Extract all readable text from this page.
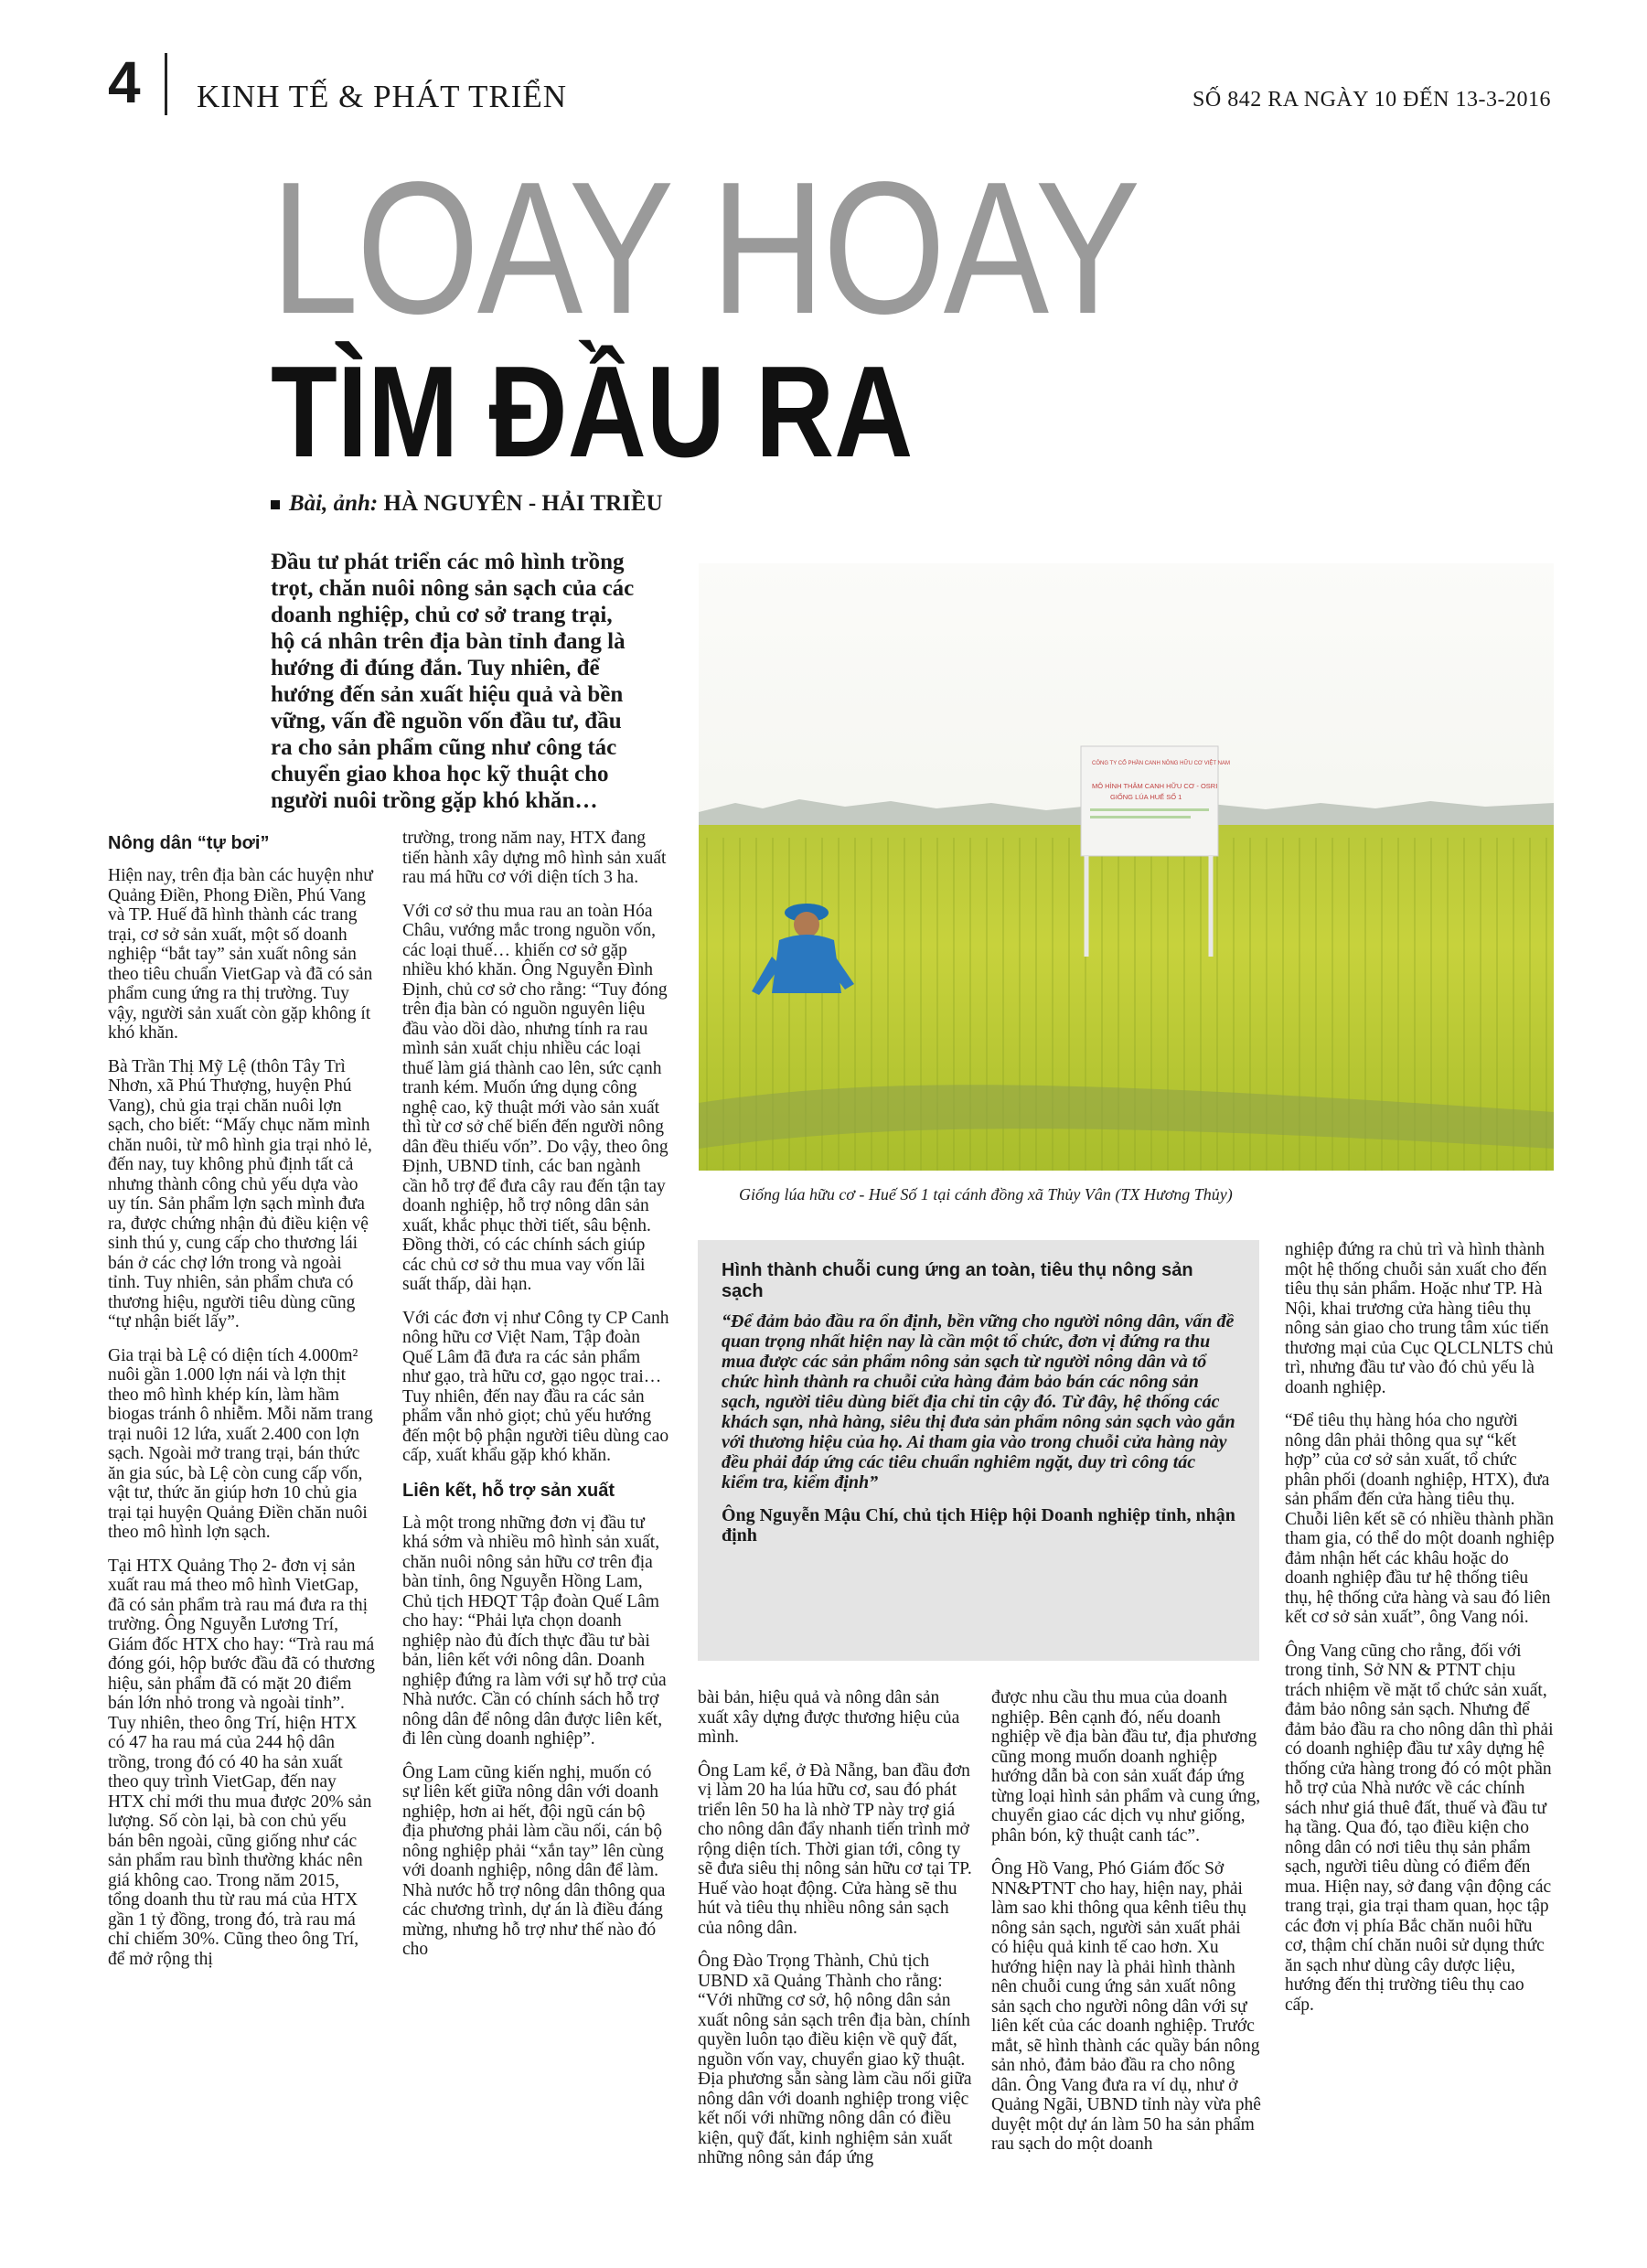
4 KINH TẾ & PHÁT TRIỂN	SỐ 842 RA NGÀY 10 ĐẾN 13-3-2016
LOAY HOAY
TÌM ĐẦU RA
Bài, ảnh: HÀ NGUYÊN - HẢI TRIỀU
Đầu tư phát triển các mô hình trồng trọt, chăn nuôi nông sản sạch của các doanh nghiệp, chủ cơ sở trang trại, hộ cá nhân trên địa bàn tỉnh đang là hướng đi đúng đắn. Tuy nhiên, để hướng đến sản xuất hiệu quả và bền vững, vấn đề nguồn vốn đầu tư, đầu ra cho sản phẩm cũng như công tác chuyển giao khoa học kỹ thuật cho người nuôi trồng gặp khó khăn…
CÔNG TY CỔ PHẦN CANH NÔNG HỮU CƠ VIỆT NAM
MÔ HÌNH THÂM CANH HỮU CƠ - OSRI
GIỐNG LÚA HUẾ SỐ 1
Giống lúa hữu cơ - Huế Số 1 tại cánh đồng xã Thủy Vân (TX Hương Thủy)
Nông dân “tự bơi”

Hiện nay, trên địa bàn các huyện như Quảng Điền, Phong Điền, Phú Vang và TP. Huế đã hình thành các trang trại, cơ sở sản xuất, một số doanh nghiệp “bắt tay” sản xuất nông sản theo tiêu chuẩn VietGap và đã có sản phẩm cung ứng ra thị trường. Tuy vậy, người sản xuất còn gặp không ít khó khăn.

Bà Trần Thị Mỹ Lệ (thôn Tây Trì Nhơn, xã Phú Thượng, huyện Phú Vang), chủ gia trại chăn nuôi lợn sạch, cho biết: “Mấy chục năm mình chăn nuôi, từ mô hình gia trại nhỏ lẻ, đến nay, tuy không phủ định tất cả nhưng thành công chủ yếu dựa vào uy tín. Sản phẩm lợn sạch mình đưa ra, được chứng nhận đủ điều kiện vệ sinh thú y, cung cấp cho thương lái bán ở các chợ lớn trong và ngoài tỉnh. Tuy nhiên, sản phẩm chưa có thương hiệu, người tiêu dùng cũng “tự nhận biết lấy”.

Gia trại bà Lệ có diện tích 4.000m² nuôi gần 1.000 lợn nái và lợn thịt theo mô hình khép kín, làm hầm biogas tránh ô nhiễm. Mỗi năm trang trại nuôi 12 lứa, xuất 2.400 con lợn sạch. Ngoài mở trang trại, bán thức ăn gia súc, bà Lệ còn cung cấp vốn, vật tư, thức ăn giúp hơn 10 chủ gia trại tại huyện Quảng Điền chăn nuôi theo mô hình lợn sạch.

Tại HTX Quảng Thọ 2- đơn vị sản xuất rau má theo mô hình VietGap, đã có sản phẩm trà rau má đưa ra thị trường. Ông Nguyễn Lương Trí, Giám đốc HTX cho hay: “Trà rau má đóng gói, hộp bước đầu đã có thương hiệu, sản phẩm đã có mặt 20 điểm bán lớn nhỏ trong và ngoài tỉnh”. Tuy nhiên, theo ông Trí, hiện HTX có 47 ha rau má của 244 hộ dân trồng, trong đó có 40 ha sản xuất theo quy trình VietGap, đến nay HTX chỉ mới thu mua được 20% sản lượng. Số còn lại, bà con chủ yếu bán bên ngoài, cũng giống như các sản phẩm rau bình thường khác nên giá không cao. Trong năm 2015, tổng doanh thu từ rau má của HTX gần 1 tỷ đồng, trong đó, trà rau má chỉ chiếm 30%. Cũng theo ông Trí, để mở rộng thị

trường, trong năm nay, HTX đang tiến hành xây dựng mô hình sản xuất rau má hữu cơ với diện tích 3 ha.

Với cơ sở thu mua rau an toàn Hóa Châu, vướng mắc trong nguồn vốn, các loại thuế… khiến cơ sở gặp nhiều khó khăn. Ông Nguyễn Đình Định, chủ cơ sở cho rằng: “Tuy đóng trên địa bàn có nguồn nguyên liệu đầu vào dồi dào, nhưng tính ra rau mình sản xuất chịu nhiều các loại thuế làm giá thành cao lên, sức cạnh tranh kém. Muốn ứng dụng công nghệ cao, kỹ thuật mới vào sản xuất thì từ cơ sở chế biến đến người nông dân đều thiếu vốn”. Do vậy, theo ông Định, UBND tỉnh, các ban ngành cần hỗ trợ để đưa cây rau đến tận tay doanh nghiệp, hỗ trợ nông dân sản xuất, khắc phục thời tiết, sâu bệnh. Đồng thời, có các chính sách giúp các chủ cơ sở thu mua vay vốn lãi suất thấp, dài hạn.

Với các đơn vị như Công ty CP Canh nông hữu cơ Việt Nam, Tập đoàn Quế Lâm đã đưa ra các sản phẩm như gạo, trà hữu cơ, gạo ngọc trai…Tuy nhiên, đến nay đầu ra các sản phẩm vẫn nhỏ giọt; chủ yếu hướng đến một bộ phận người tiêu dùng cao cấp, xuất khẩu gặp khó khăn.

Liên kết, hỗ trợ sản xuất

Là một trong những đơn vị đầu tư khá sớm và nhiều mô hình sản xuất, chăn nuôi nông sản hữu cơ trên địa bàn tỉnh, ông Nguyễn Hồng Lam, Chủ tịch HĐQT Tập đoàn Quế Lâm cho hay: “Phải lựa chọn doanh nghiệp nào đủ đích thực đầu tư bài bản, liên kết với nông dân. Doanh nghiệp đứng ra làm với sự hỗ trợ của Nhà nước. Cần có chính sách hỗ trợ nông dân để nông dân được liên kết, đi lên cùng doanh nghiệp”.

Ông Lam cũng kiến nghị, muốn có sự liên kết giữa nông dân với doanh nghiệp, hơn ai hết, đội ngũ cán bộ địa phương phải làm cầu nối, cán bộ nông nghiệp phải “xắn tay” lên cùng với doanh nghiệp, nông dân để làm. Nhà nước hỗ trợ nông dân thông qua các chương trình, dự án là điều đáng mừng, nhưng hỗ trợ như thế nào đó cho

Hình thành chuỗi cung ứng an toàn, tiêu thụ nông sản sạch

“Để đảm bảo đầu ra ổn định, bền vững cho người nông dân, vấn đề quan trọng nhất hiện nay là cần một tổ chức, đơn vị đứng ra thu mua được các sản phẩm nông sản sạch từ người nông dân và tổ chức hình thành ra chuỗi cửa hàng đảm bảo bán các nông sản sạch, người tiêu dùng biết địa chỉ tin cậy đó. Từ đây, hệ thống các khách sạn, nhà hàng, siêu thị đưa sản phẩm nông sản sạch vào gắn với thương hiệu của họ. Ai tham gia vào trong chuỗi cửa hàng này đều phải đáp ứng các tiêu chuẩn nghiêm ngặt, duy trì công tác kiểm tra, kiểm định”

Ông Nguyễn Mậu Chí, chủ tịch Hiệp hội Doanh nghiệp tỉnh, nhận định

bài bản, hiệu quả và nông dân sản xuất xây dựng được thương hiệu của mình.

Ông Lam kể, ở Đà Nẵng, ban đầu đơn vị làm 20 ha lúa hữu cơ, sau đó phát triển lên 50 ha là nhờ TP này trợ giá cho nông dân đẩy nhanh tiến trình mở rộng diện tích. Thời gian tới, công ty sẽ đưa siêu thị nông sản hữu cơ tại TP. Huế vào hoạt động. Cửa hàng sẽ thu hút và tiêu thụ nhiều nông sản sạch của nông dân.

Ông Đào Trọng Thành, Chủ tịch UBND xã Quảng Thành cho rằng: “Với những cơ sở, hộ nông dân sản xuất nông sản sạch trên địa bàn, chính quyền luôn tạo điều kiện về quỹ đất, nguồn vốn vay, chuyển giao kỹ thuật. Địa phương sẵn sàng làm cầu nối giữa nông dân với doanh nghiệp trong việc kết nối với những nông dân có điều kiện, quỹ đất, kinh nghiệm sản xuất những nông sản đáp ứng

được nhu cầu thu mua của doanh nghiệp. Bên cạnh đó, nếu doanh nghiệp về địa bàn đầu tư, địa phương cũng mong muốn doanh nghiệp hướng dẫn bà con sản xuất đáp ứng từng loại hình sản phẩm và cung ứng, chuyển giao các dịch vụ như giống, phân bón, kỹ thuật canh tác”.

Ông Hồ Vang, Phó Giám đốc Sở NN&PTNT cho hay, hiện nay, phải làm sao khi thông qua kênh tiêu thụ nông sản sạch, người sản xuất phải có hiệu quả kinh tế cao hơn. Xu hướng hiện nay là phải hình thành nên chuỗi cung ứng sản xuất nông sản sạch cho người nông dân với sự liên kết của các doanh nghiệp. Trước mắt, sẽ hình thành các quầy bán nông sản nhỏ, đảm bảo đầu ra cho nông dân. Ông Vang đưa ra ví dụ, như ở Quảng Ngãi, UBND tỉnh này vừa phê duyệt một dự án làm 50 ha sản phẩm rau sạch do một doanh

nghiệp đứng ra chủ trì và hình thành một hệ thống chuỗi sản xuất cho đến tiêu thụ sản phẩm. Hoặc như TP. Hà Nội, khai trương cửa hàng tiêu thụ nông sản giao cho trung tâm xúc tiến thương mại của Cục QLCLNLTS chủ trì, nhưng đầu tư vào đó chủ yếu là doanh nghiệp.

“Để tiêu thụ hàng hóa cho người nông dân phải thông qua sự “kết hợp” của cơ sở sản xuất, tổ chức phân phối (doanh nghiệp, HTX), đưa sản phẩm đến cửa hàng tiêu thụ. Chuỗi liên kết sẽ có nhiều thành phần tham gia, có thể do một doanh nghiệp đảm nhận hết các khâu hoặc do doanh nghiệp đầu tư hệ thống tiêu thụ, hệ thống cửa hàng và sau đó liên kết cơ sở sản xuất”, ông Vang nói.

Ông Vang cũng cho rằng, đối với trong tỉnh, Sở NN & PTNT chịu trách nhiệm về mặt tổ chức sản xuất, đảm bảo nông sản sạch. Nhưng để đảm bảo đầu ra cho nông dân thì phải có doanh nghiệp đầu tư xây dựng hệ thống cửa hàng trong đó có một phần hỗ trợ của Nhà nước về các chính sách như giá thuê đất, thuế và đầu tư hạ tầng. Qua đó, tạo điều kiện cho nông dân có nơi tiêu thụ sản phẩm sạch, người tiêu dùng có điểm đến mua. Hiện nay, sở đang vận động các trang trại, gia trại tham quan, học tập các đơn vị phía Bắc chăn nuôi hữu cơ, thậm chí chăn nuôi sử dụng thức ăn sạch như dùng cây dược liệu, hướng đến thị trường tiêu thụ cao cấp.
